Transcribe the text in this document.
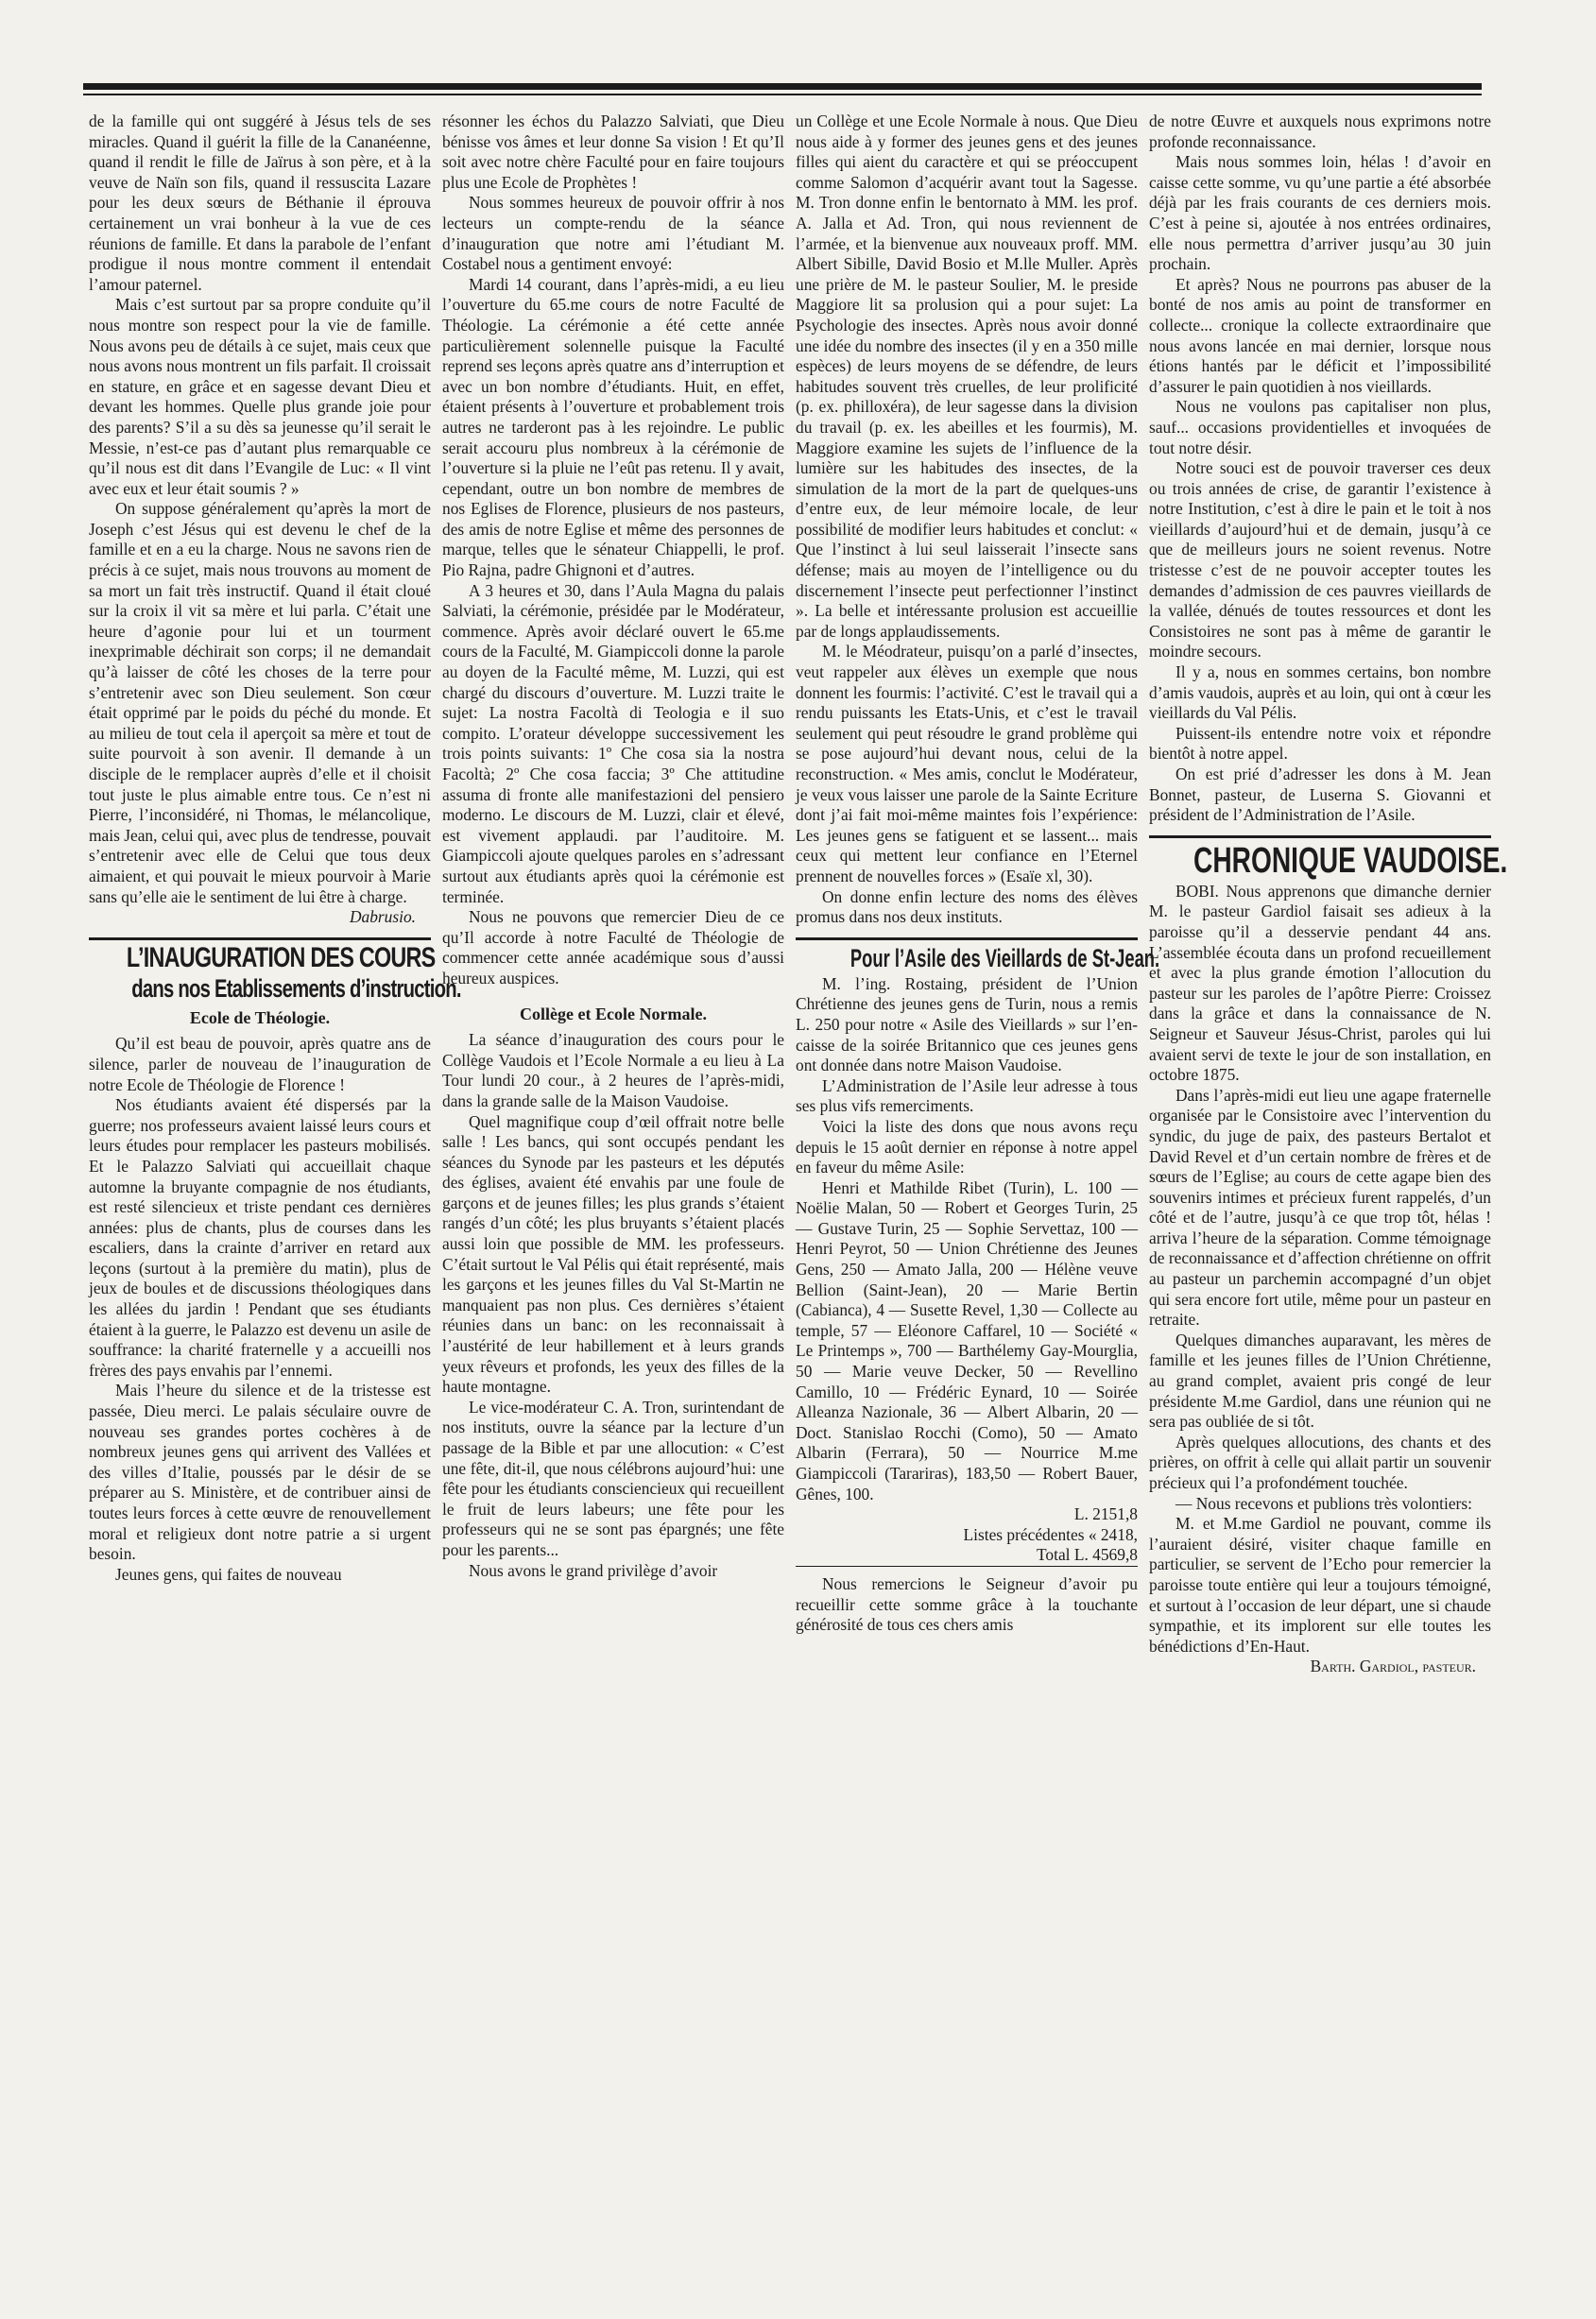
de la famille qui ont suggéré à Jésus tels de ses miracles. Quand il guérit la fille de la Cananéenne, quand il rendit le fille de Jaïrus à son père, et à la veuve de Naïn son fils, quand il ressuscita Lazare pour les deux sœurs de Béthanie il éprouva certainement un vrai bonheur à la vue de ces réunions de famille. Et dans la parabole de l’enfant prodigue il nous montre comment il entendait l’amour paternel.

Mais c’est surtout par sa propre conduite qu’il nous montre son respect pour la vie de famille. Nous avons peu de détails à ce sujet, mais ceux que nous avons nous montrent un fils parfait. Il croissait en stature, en grâce et en sagesse devant Dieu et devant les hommes. Quelle plus grande joie pour des parents? S’il a su dès sa jeunesse qu’il serait le Messie, n’est-ce pas d’autant plus remarquable ce qu’il nous est dit dans l’Evangile de Luc: « Il vint avec eux et leur était soumis ? »

On suppose généralement qu’après la mort de Joseph c’est Jésus qui est devenu le chef de la famille et en a eu la charge. Nous ne savons rien de précis à ce sujet, mais nous trouvons au moment de sa mort un fait très instructif. Quand il était cloué sur la croix il vit sa mère et lui parla. C’était une heure d’agonie pour lui et un tourment inexprimable déchirait son corps; il ne demandait qu’à laisser de côté les choses de la terre pour s’entretenir avec son Dieu seulement. Son cœur était opprimé par le poids du péché du monde. Et au milieu de tout cela il aperçoit sa mère et tout de suite pourvoit à son avenir. Il demande à un disciple de le remplacer auprès d’elle et il choisit tout juste le plus aimable entre tous. Ce n’est ni Pierre, l’inconsidéré, ni Thomas, le mélancolique, mais Jean, celui qui, avec plus de tendresse, pouvait s’entretenir avec elle de Celui que tous deux aimaient, et qui pouvait le mieux pourvoir à Marie sans qu’elle aie le sentiment de lui être à charge.

Dabrusio.

L’INAUGURATION DES COURS
dans nos Etablissements d’instruction.

Ecole de Théologie.

Qu’il est beau de pouvoir, après quatre ans de silence, parler de nouveau de l’inauguration de notre Ecole de Théologie de Florence !

Nos étudiants avaient été dispersés par la guerre; nos professeurs avaient laissé leurs cours et leurs études pour remplacer les pasteurs mobilisés. Et le Palazzo Salviati qui accueillait chaque automne la bruyante compagnie de nos étudiants, est resté silencieux et triste pendant ces dernières années: plus de chants, plus de courses dans les escaliers, dans la crainte d’arriver en retard aux leçons (surtout à la première du matin), plus de jeux de boules et de discussions théologiques dans les allées du jardin ! Pendant que ses étudiants étaient à la guerre, le Palazzo est devenu un asile de souffrance: la charité fraternelle y a accueilli nos frères des pays envahis par l’ennemi.

Mais l’heure du silence et de la tristesse est passée, Dieu merci. Le palais séculaire ouvre de nouveau ses grandes portes cochères à de nombreux jeunes gens qui arrivent des Vallées et des villes d’Italie, poussés par le désir de se préparer au S. Ministère, et de contribuer ainsi de toutes leurs forces à cette œuvre de renouvellement moral et religieux dont notre patrie a si urgent besoin.

Jeunes gens, qui faites de nouveau

résonner les échos du Palazzo Salviati, que Dieu bénisse vos âmes et leur donne Sa vision ! Et qu’Il soit avec notre chère Faculté pour en faire toujours plus une Ecole de Prophètes !

Nous sommes heureux de pouvoir offrir à nos lecteurs un compte-rendu de la séance d’inauguration que notre ami l’étudiant M. Costabel nous a gentiment envoyé:

Mardi 14 courant, dans l’après-midi, a eu lieu l’ouverture du 65.me cours de notre Faculté de Théologie. La cérémonie a été cette année particulièrement solennelle puisque la Faculté reprend ses leçons après quatre ans d’interruption et avec un bon nombre d’étudiants. Huit, en effet, étaient présents à l’ouverture et probablement trois autres ne tarderont pas à les rejoindre. Le public serait accouru plus nombreux à la cérémonie de l’ouverture si la pluie ne l’eût pas retenu. Il y avait, cependant, outre un bon nombre de membres de nos Eglises de Florence, plusieurs de nos pasteurs, des amis de notre Eglise et même des personnes de marque, telles que le sénateur Chiappelli, le prof. Pio Rajna, padre Ghignoni et d’autres.

A 3 heures et 30, dans l’Aula Magna du palais Salviati, la cérémonie, présidée par le Modérateur, commence. Après avoir déclaré ouvert le 65.me cours de la Faculté, M. Giampiccoli donne la parole au doyen de la Faculté même, M. Luzzi, qui est chargé du discours d’ouverture. M. Luzzi traite le sujet: La nostra Facoltà di Teologia e il suo compito. L’orateur développe successivement les trois points suivants: 1º Che cosa sia la nostra Facoltà; 2º Che cosa faccia; 3º Che attitudine assuma di fronte alle manifestazioni del pensiero moderno. Le discours de M. Luzzi, clair et élevé, est vivement applaudi. par l’auditoire. M. Giampiccoli ajoute quelques paroles en s’adressant surtout aux étudiants après quoi la cérémonie est terminée.

Nous ne pouvons que remercier Dieu de ce qu’Il accorde à notre Faculté de Théologie de commencer cette année académique sous d’aussi heureux auspices.

Collège et Ecole Normale.

La séance d’inauguration des cours pour le Collège Vaudois et l’Ecole Normale a eu lieu à La Tour lundi 20 cour., à 2 heures de l’après-midi, dans la grande salle de la Maison Vaudoise.

Quel magnifique coup d’œil offrait notre belle salle ! Les bancs, qui sont occupés pendant les séances du Synode par les pasteurs et les députés des églises, avaient été envahis par une foule de garçons et de jeunes filles; les plus grands s’étaient rangés d’un côté; les plus bruyants s’étaient placés aussi loin que possible de MM. les professeurs. C’était surtout le Val Pélis qui était représenté, mais les garçons et les jeunes filles du Val St-Martin ne manquaient pas non plus. Ces dernières s’étaient réunies dans un banc: on les reconnaissait à l’austérité de leur habillement et à leurs grands yeux rêveurs et profonds, les yeux des filles de la haute montagne.

Le vice-modérateur C. A. Tron, surintendant de nos instituts, ouvre la séance par la lecture d’un passage de la Bible et par une allocution: « C’est une fête, dit-il, que nous célébrons aujourd’hui: une fête pour les étudiants consciencieux qui recueillent le fruit de leurs labeurs; une fête pour les professeurs qui ne se sont pas épargnés; une fête pour les parents...

Nous avons le grand privilège d’avoir

un Collège et une Ecole Normale à nous. Que Dieu nous aide à y former des jeunes gens et des jeunes filles qui aient du caractère et qui se préoccupent comme Salomon d’acquérir avant tout la Sagesse. M. Tron donne enfin le bentornato à MM. les prof. A. Jalla et Ad. Tron, qui nous reviennent de l’armée, et la bienvenue aux nouveaux proff. MM. Albert Sibille, David Bosio et M.lle Muller. Après une prière de M. le pasteur Soulier, M. le preside Maggiore lit sa prolusion qui a pour sujet: La Psychologie des insectes. Après nous avoir donné une idée du nombre des insectes (il y en a 350 mille espèces) de leurs moyens de se défendre, de leurs habitudes souvent très cruelles, de leur prolificité (p. ex. philloxéra), de leur sagesse dans la division du travail (p. ex. les abeilles et les fourmis), M. Maggiore examine les sujets de l’influence de la lumière sur les habitudes des insectes, de la simulation de la mort de la part de quelques-uns d’entre eux, de leur mémoire locale, de leur possibilité de modifier leurs habitudes et conclut: « Que l’instinct à lui seul laisserait l’insecte sans défense; mais au moyen de l’intelligence ou du discernement l’insecte peut perfectionner l’instinct ». La belle et intéressante prolusion est accueillie par de longs applaudissements.

M. le Méodrateur, puisqu’on a parlé d’insectes, veut rappeler aux élèves un exemple que nous donnent les fourmis: l’activité. C’est le travail qui a rendu puissants les Etats-Unis, et c’est le travail seulement qui peut résoudre le grand problème qui se pose aujourd’hui devant nous, celui de la reconstruction. « Mes amis, conclut le Modérateur, je veux vous laisser une parole de la Sainte Ecriture dont j’ai fait moi-même maintes fois l’expérience: Les jeunes gens se fatiguent et se lassent... mais ceux qui mettent leur confiance en l’Eternel prennent de nouvelles forces » (Esaïe xl, 30).

On donne enfin lecture des noms des élèves promus dans nos deux instituts.

Pour l’Asile des Vieillards de St-Jean.

M. l’ing. Rostaing, président de l’Union Chrétienne des jeunes gens de Turin, nous a remis L. 250 pour notre « Asile des Vieillards » sur l’en-caisse de la soirée Britannico que ces jeunes gens ont donnée dans notre Maison Vaudoise.

L’Administration de l’Asile leur adresse à tous ses plus vifs remerciments.

Voici la liste des dons que nous avons reçu depuis le 15 août dernier en réponse à notre appel en faveur du même Asile:

Henri et Mathilde Ribet (Turin), L. 100 — Noëlie Malan, 50 — Robert et Georges Turin, 25 — Gustave Turin, 25 — Sophie Servettaz, 100 — Henri Peyrot, 50 — Union Chrétienne des Jeunes Gens, 250 — Amato Jalla, 200 — Hélène veuve Bellion (Saint-Jean), 20 — Marie Bertin (Cabianca), 4 — Susette Revel, 1,30 — Collecte au temple, 57 — Eléonore Caffarel, 10 — Société « Le Printemps », 700 — Barthélemy Gay-Mourglia, 50 — Marie veuve Decker, 50 — Revellino Camillo, 10 — Frédéric Eynard, 10 — Soirée Alleanza Nazionale, 36 — Albert Albarin, 20 — Doct. Stanislao Rocchi (Como), 50 — Amato Albarin (Ferrara), 50 — Nourrice M.me Giampiccoli (Tarariras), 183,50 — Robert Bauer, Gênes, 100.

L. 2151,8

Listes précédentes « 2418,

Total L. 4569,8

Nous remercions le Seigneur d’avoir pu recueillir cette somme grâce à la touchante générosité de tous ces chers amis

de notre Œuvre et auxquels nous exprimons notre profonde reconnaissance.

Mais nous sommes loin, hélas ! d’avoir en caisse cette somme, vu qu’une partie a été absorbée déjà par les frais courants de ces derniers mois. C’est à peine si, ajoutée à nos entrées ordinaires, elle nous permettra d’arriver jusqu’au 30 juin prochain.

Et après? Nous ne pourrons pas abuser de la bonté de nos amis au point de transformer en collecte... cronique la collecte extraordinaire que nous avons lancée en mai dernier, lorsque nous étions hantés par le déficit et l’impossibilité d’assurer le pain quotidien à nos vieillards.

Nous ne voulons pas capitaliser non plus, sauf... occasions providentielles et invoquées de tout notre désir.

Notre souci est de pouvoir traverser ces deux ou trois années de crise, de garantir l’existence à notre Institution, c’est à dire le pain et le toit à nos vieillards d’aujourd’hui et de demain, jusqu’à ce que de meilleurs jours ne soient revenus. Notre tristesse c’est de ne pouvoir accepter toutes les demandes d’admission de ces pauvres vieillards de la vallée, dénués de toutes ressources et dont les Consistoires ne sont pas à même de garantir le moindre secours.

Il y a, nous en sommes certains, bon nombre d’amis vaudois, auprès et au loin, qui ont à cœur les vieillards du Val Pélis.

Puissent-ils entendre notre voix et répondre bientôt à notre appel.

On est prié d’adresser les dons à M. Jean Bonnet, pasteur, de Luserna S. Giovanni et président de l’Administration de l’Asile.

CHRONIQUE VAUDOISE.

BOBI. Nous apprenons que dimanche dernier M. le pasteur Gardiol faisait ses adieux à la paroisse qu’il a desservie pendant 44 ans. L’assemblée écouta dans un profond recueillement et avec la plus grande émotion l’allocution du pasteur sur les paroles de l’apôtre Pierre: Croissez dans la grâce et dans la connaissance de N. Seigneur et Sauveur Jésus-Christ, paroles qui lui avaient servi de texte le jour de son installation, en octobre 1875.

Dans l’après-midi eut lieu une agape fraternelle organisée par le Consistoire avec l’intervention du syndic, du juge de paix, des pasteurs Bertalot et David Revel et d’un certain nombre de frères et de sœurs de l’Eglise; au cours de cette agape bien des souvenirs intimes et précieux furent rappelés, d’un côté et de l’autre, jusqu’à ce que trop tôt, hélas ! arriva l’heure de la séparation. Comme témoignage de reconnaissance et d’affection chrétienne on offrit au pasteur un parchemin accompagné d’un objet qui sera encore fort utile, même pour un pasteur en retraite.

Quelques dimanches auparavant, les mères de famille et les jeunes filles de l’Union Chrétienne, au grand complet, avaient pris congé de leur présidente M.me Gardiol, dans une réunion qui ne sera pas oubliée de si tôt.

Après quelques allocutions, des chants et des prières, on offrit à celle qui allait partir un souvenir précieux qui l’a profondément touchée.

— Nous recevons et publions très volontiers:

M. et M.me Gardiol ne pouvant, comme ils l’auraient désiré, visiter chaque famille en particulier, se servent de l’Echo pour remercier la paroisse toute entière qui leur a toujours témoigné, et surtout à l’occasion de leur départ, une si chaude sympathie, et its implorent sur elle toutes les bénédictions d’En-Haut.

Barth. Gardiol, pasteur.
